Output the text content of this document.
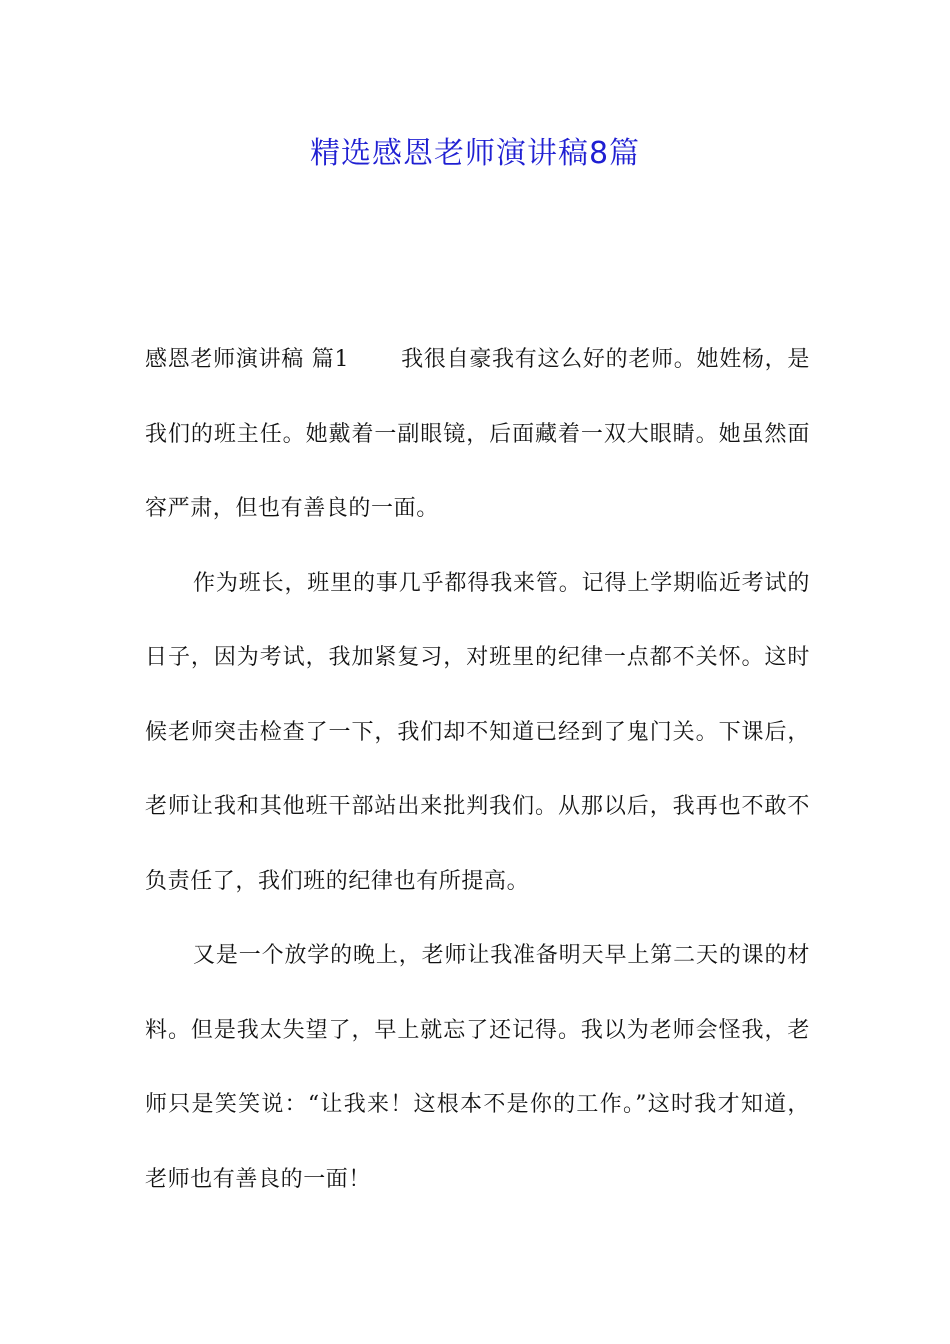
精选感恩老师演讲稿8篇

感恩老师演讲稿 篇1 我很自豪我有这么好的老师。她姓杨，是我们的班主任。她戴着一副眼镜，后面藏着一双大眼睛。她虽然面容严肃，但也有善良的一面。

作为班长，班里的事几乎都得我来管。记得上学期临近考试的日子，因为考试，我加紧复习，对班里的纪律一点都不关怀。这时候老师突击检查了一下，我们却不知道已经到了鬼门关。下课后，老师让我和其他班干部站出来批判我们。从那以后，我再也不敢不负责任了，我们班的纪律也有所提高。

又是一个放学的晚上，老师让我准备明天早上第二天的课的材料。但是我太失望了，早上就忘了还记得。我以为老师会怪我，老师只是笑笑说：“让我来！这根本不是你的工作。”这时我才知道，老师也有善良的一面！
